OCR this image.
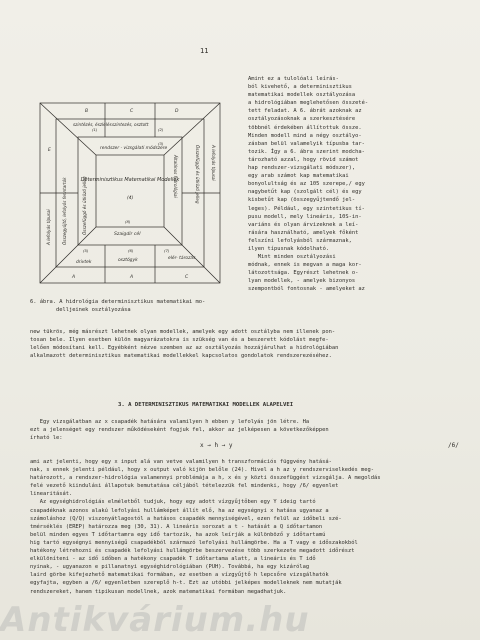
11
B	C	D
E
A	A	C
szintézés, észlelés szintezés, osztott
rendszer - vizsgálati módszere
Determinisztikus Matematikai Modellek
(4)
Szaigdír cél
A lefolyás típusai	Összegyűjtő, lefolyós fenntartók	Összefüggő és ütköző jelleg
A lefolyás típusai
Összefüggő és ütköző jelleg
Általános hidrológiai
drivtek	osztógyk	elér- tározás
(1)	(2)
(3)
(5)	(6)	(7)
(8)
Amint ez a tulolóali leírás-
ból kivehető, a determinisztikus
matematikai modellek osztályozása
a hidrológiában meglehetősen összeté-
tett feladat. A 6. ábrát azoknak az
osztályozásoknak a szerkesztésére
többnél érdekében állítottuk össze.
Minden modell mind a négy osztályo-
zásban belül valamelyik típusba tar-
tozik. Így a 6. ábra szerint modcha-
tározható azzal, hogy rövid számot
hap rendszer-vizsgálati módszer),
egy arab számot kap matematikai
bonyolultság és az 105 szerepe,/ egy
nagybetűt kap (szolgált cél) és egy
kisbetűt kap (összegyűjtendő jel-
leges). Például, egy szintetikus tí-
pusu modell, mely lineáris, 10S-in-
variáns és olyan árvizeknek a leí-
rására használható, amelyek főként
felszíni lefolyásból származnak,
ilyen típusnak kódolható.
Mint minden osztályozási
módnak, ennek is megvan a maga kor-
látozottsága. Egyrészt lehetnek o-
lyan modellek, - amelyek bizonyos
szempontból fontosnak - amelyeket az
6. ábra. A hidrológia determinisztikus matematikai mo-
delljeinek osztályozása
new tükrös, még másrészt lehetnek olyan modellek, amelyek egy adott osztályba nem illenek pon-
tosan bele. Ilyen esetben külön magyarázatokra is szükség van és a beszerett kódolást megfe-
lelően módosítani kell. Egyébként nézve szemben az az osztályozás hozzájárulhat a hidrológiában
alkalmazott determinisztikus matematikai modellekkel kapcsolatos gondolatok rendszerezéséhez.
3. A DETERMINISZTIKUS MATEMATIKAI MODELLEK ALAPELVEI
Egy vizsgálatban az x csapadék hatására valamilyen h ebben y lefolyás jön létre. Ha
ezt a jelenséget egy rendszer működéseként fogjuk fel, akkor az jelképesen a következőképpen
írható le:
x → h → y	/6/
ami azt jelenti, hogy egy x input alá van vetve valamilyen h transzformációs függvény hatásá-
nak, s ennek jelenti például, hogy x output való kijön belőle (24). Hivel a h az y rendszerviselkedés meg-
határozott, a rendszer-hidrológia valamennyi problémája a h, x és y közti összefüggést vizsgálja. A megoldás
felé vezető kiindulási állapotuk bemutatása céljából tételezzük fel mindenki, hogy /6/ egyenlet
linearitását.
Az egységhidrológiás elméletből tudjuk, hogy egy adott vízgyűjtőben egy Y ideig tartó
csapadéknak azonos alakú lefolyási hullámképet állít elő, ha az egységnyi x hatása ugyanaz a
számoláshoz (Q/Q) viszonyátlagostól a hatásos csapadék mennyiségével, ezen felül az időbeli szé-
tmérséklés (EREP) határozza meg (30, 31). A lineáris sorozat a t - hatását a Q időtartamon
belül minden egyes T időtartamra egy idő tartozik, ha azok leírják a különböző y időtartamú
hig tartó egységnyi mennyiségű csapadékból származó lefolyási hullámgörbe. Ha a T vagy e időszakokból
hatékony létrehozni és csapadék lefolyási hullámgörbe beszervezése több szerkezete megadott időrészt
elkülöníteni - az idő időben a hatékony csapadék T időtartama alatt, a lineáris és T idő
nyinak, - ugyanazon e pillanatnyi egységhidrológiában (PUH). Továbbá, ha egy kizárólag
laird görbe kifejezhető matematikai formában, ez esetben a vízgyűjtő h lepcsőre vizsgálhatók
egyfajta, egyben a /6/ egyenletben szereplő h-t. Ezt az utóbbi jelképes modelleknek nem mutatják
rendszereket, hanem tipikusan modellnek, azok matematikai formában megadhatjuk.
Antikvárium.hu
